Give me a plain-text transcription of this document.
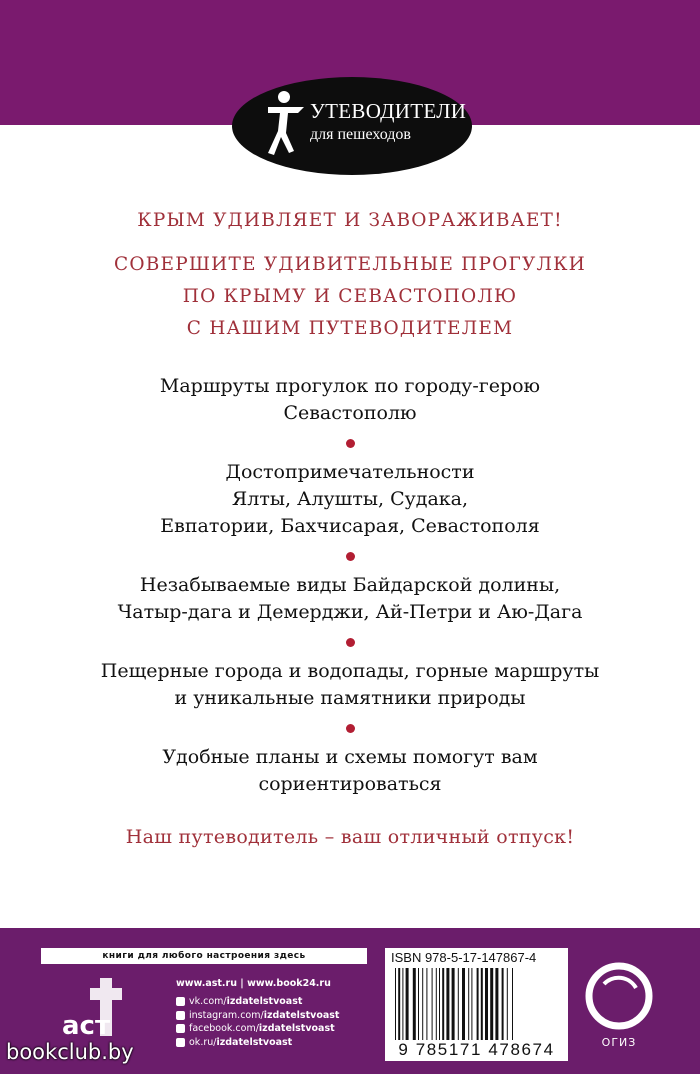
УТЕВОДИТЕЛИ
для пешеходов

КРЫМ УДИВЛЯЕТ И ЗАВОРАЖИВАЕТ!

СОВЕРШИТЕ УДИВИТЕЛЬНЫЕ ПРОГУЛКИ

ПО КРЫМУ И СЕВАСТОПОЛЮ

С НАШИМ ПУТЕВОДИТЕЛЕМ

Маршруты прогулок по городу-герою

Севастополю

Достопримечательности

Ялты, Алушты, Судака,

Евпатории, Бахчисарая, Севастополя

Незабываемые виды Байдарской долины,

Чатыр-дага и Демерджи, Ай-Петри и Аю-Дага

Пещерные города и водопады, горные маршруты

и уникальные памятники природы

Удобные планы и схемы помогут вам

сориентироваться

Наш путеводитель – ваш отличный отпуск!

книги для любого настроения здесь
аст
www.ast.ru | www.book24.ru
vk.com/ izdatelstvoast
instagram.com/ izdatelstvoast
facebook.com/ izdatelstvoast
ok.ru/ izdatelstvoast
ISBN 978-5-17-147867-4
9 785171 478674	ОГИЗ
bookclub.by
